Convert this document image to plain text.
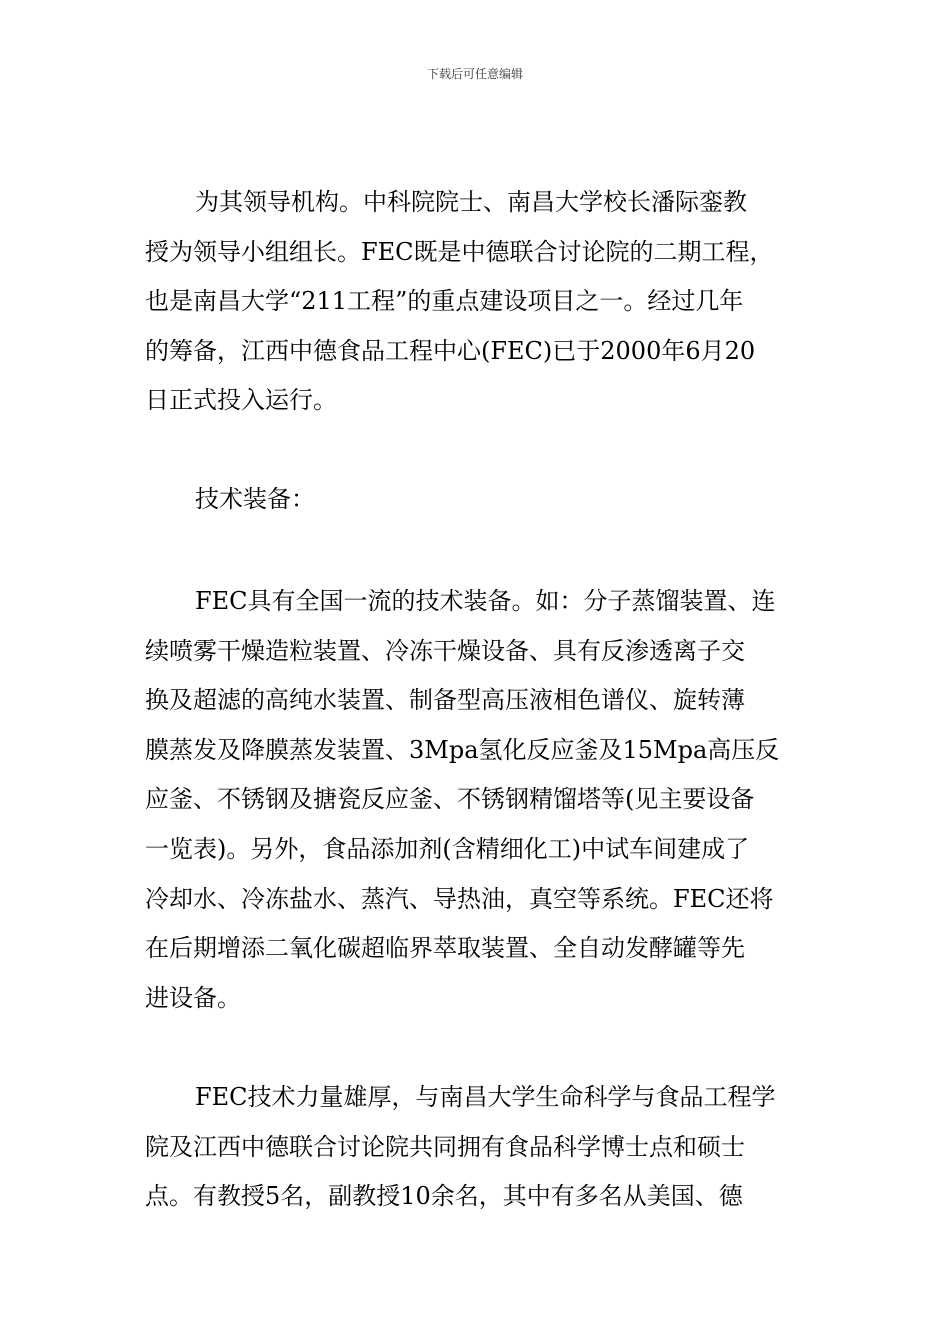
下载后可任意编辑
为其领导机构。中科院院士、南昌大学校长潘际銮教
授为领导小组组长。FEC既是中德联合讨论院的二期工程，
也是南昌大学“211工程”的重点建设项目之一。经过几年
的筹备，江西中德食品工程中心(FEC)已于2000年6月20
日正式投入运行。
技术装备：
FEC具有全国一流的技术装备。如：分子蒸馏装置、连
续喷雾干燥造粒装置、冷冻干燥设备、具有反渗透离子交
换及超滤的高纯水装置、制备型高压液相色谱仪、旋转薄
膜蒸发及降膜蒸发装置、3Mpa氢化反应釜及15Mpa高压反
应釜、不锈钢及搪瓷反应釜、不锈钢精馏塔等(见主要设备
一览表)。另外，食品添加剂(含精细化工)中试车间建成了
冷却水、冷冻盐水、蒸汽、导热油，真空等系统。FEC还将
在后期增添二氧化碳超临界萃取装置、全自动发酵罐等先
进设备。
FEC技术力量雄厚，与南昌大学生命科学与食品工程学
院及江西中德联合讨论院共同拥有食品科学博士点和硕士
点。有教授5名，副教授10余名，其中有多名从美国、德
